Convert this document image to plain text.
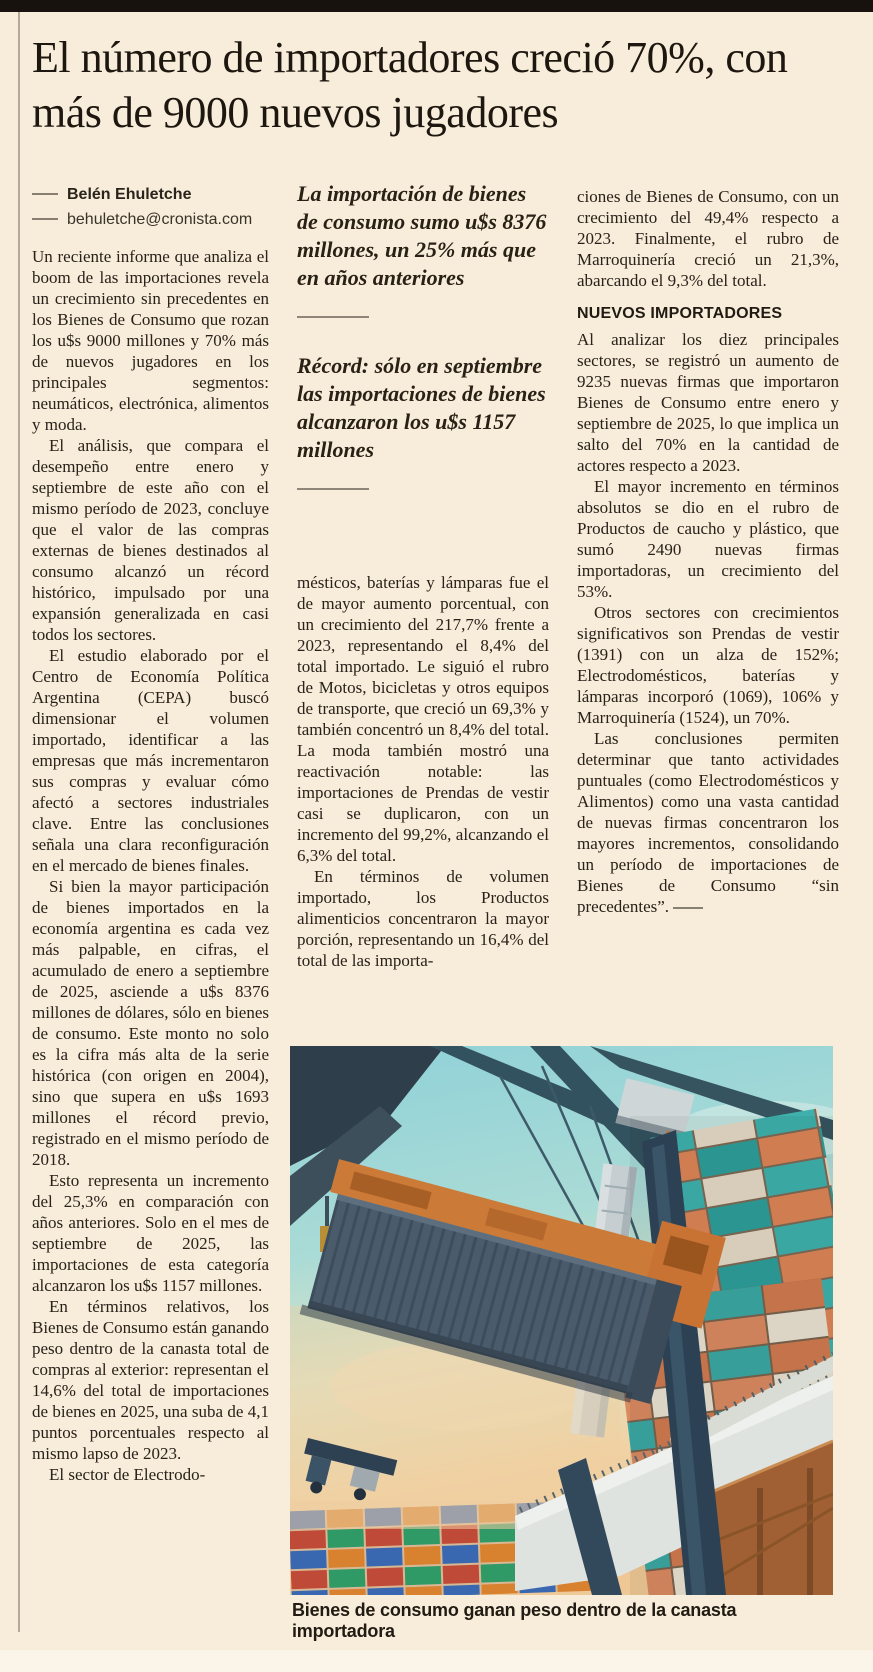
El número de importadores creció 70%, con más de 9000 nuevos jugadores
Belén Ehuletche
behuletche@cronista.com

Un reciente informe que analiza el boom de las importaciones revela un crecimiento sin precedentes en los Bienes de Consumo que rozan los u$s 9000 millones y 70% más de nuevos jugadores en los principales segmentos: neumáticos, electrónica, alimentos y moda.

El análisis, que compara el desempeño entre enero y septiembre de este año con el mismo período de 2023, concluye que el valor de las compras externas de bienes destinados al consumo alcanzó un récord histórico, impulsado por una expansión generalizada en casi todos los sectores.

El estudio elaborado por el Centro de Economía Política Argentina (CEPA) buscó dimensionar el volumen importado, identificar a las empresas que más incrementaron sus compras y evaluar cómo afectó a sectores industriales clave. Entre las conclusiones señala una clara reconfiguración en el mercado de bienes finales.

Si bien la mayor participación de bienes importados en la economía argentina es cada vez más palpable, en cifras, el acumulado de enero a septiembre de 2025, asciende a u$s 8376 millones de dólares, sólo en bienes de consumo. Este monto no solo es la cifra más alta de la serie histórica (con origen en 2004), sino que supera en u$s 1693 millones el récord previo, registrado en el mismo período de 2018.

Esto representa un incremento del 25,3% en comparación con años anteriores. Solo en el mes de septiembre de 2025, las importaciones de esta categoría alcanzaron los u$s 1157 millones.

En términos relativos, los Bienes de Consumo están ganando peso dentro de la canasta total de compras al exterior: representan el 14,6% del total de importaciones de bienes en 2025, una suba de 4,1 puntos porcentuales respecto al mismo lapso de 2023.

El sector de Electrodo-

La importación de bienes de consumo sumo u$s 8376 millones, un 25% más que en años anteriores

Récord: sólo en septiembre las importaciones de bienes alcanzaron los u$s 1157 millones

mésticos, baterías y lámparas fue el de mayor aumento porcentual, con un crecimiento del 217,7% frente a 2023, representando el 8,4% del total importado. Le siguió el rubro de Motos, bicicletas y otros equipos de transporte, que creció un 69,3% y también concentró un 8,4% del total. La moda también mostró una reactivación notable: las importaciones de Prendas de vestir casi se duplicaron, con un incremento del 99,2%, alcanzando el 6,3% del total.

En términos de volumen importado, los Productos alimenticios concentraron la mayor porción, representando un 16,4% del total de las importa-

ciones de Bienes de Consumo, con un crecimiento del 49,4% respecto a 2023. Finalmente, el rubro de Marroquinería creció un 21,3%, abarcando el 9,3% del total.

NUEVOS IMPORTADORES

Al analizar los diez principales sectores, se registró un aumento de 9235 nuevas firmas que importaron Bienes de Consumo entre enero y septiembre de 2025, lo que implica un salto del 70% en la cantidad de actores respecto a 2023.

El mayor incremento en términos absolutos se dio en el rubro de Productos de caucho y plástico, que sumó 2490 nuevas firmas importadoras, un crecimiento del 53%.

Otros sectores con crecimientos significativos son Prendas de vestir (1391) con un alza de 152%; Electrodomésticos, baterías y lámparas incorporó (1069), 106% y Marroquinería (1524), un 70%.

Las conclusiones permiten determinar que tanto actividades puntuales (como Electrodomésticos y Alimentos) como una vasta cantidad de nuevas firmas concentraron los mayores incrementos, consolidando un período de importaciones de Bienes de Consumo “sin precedentes”.

Bienes de consumo ganan peso dentro de la canasta importadora
